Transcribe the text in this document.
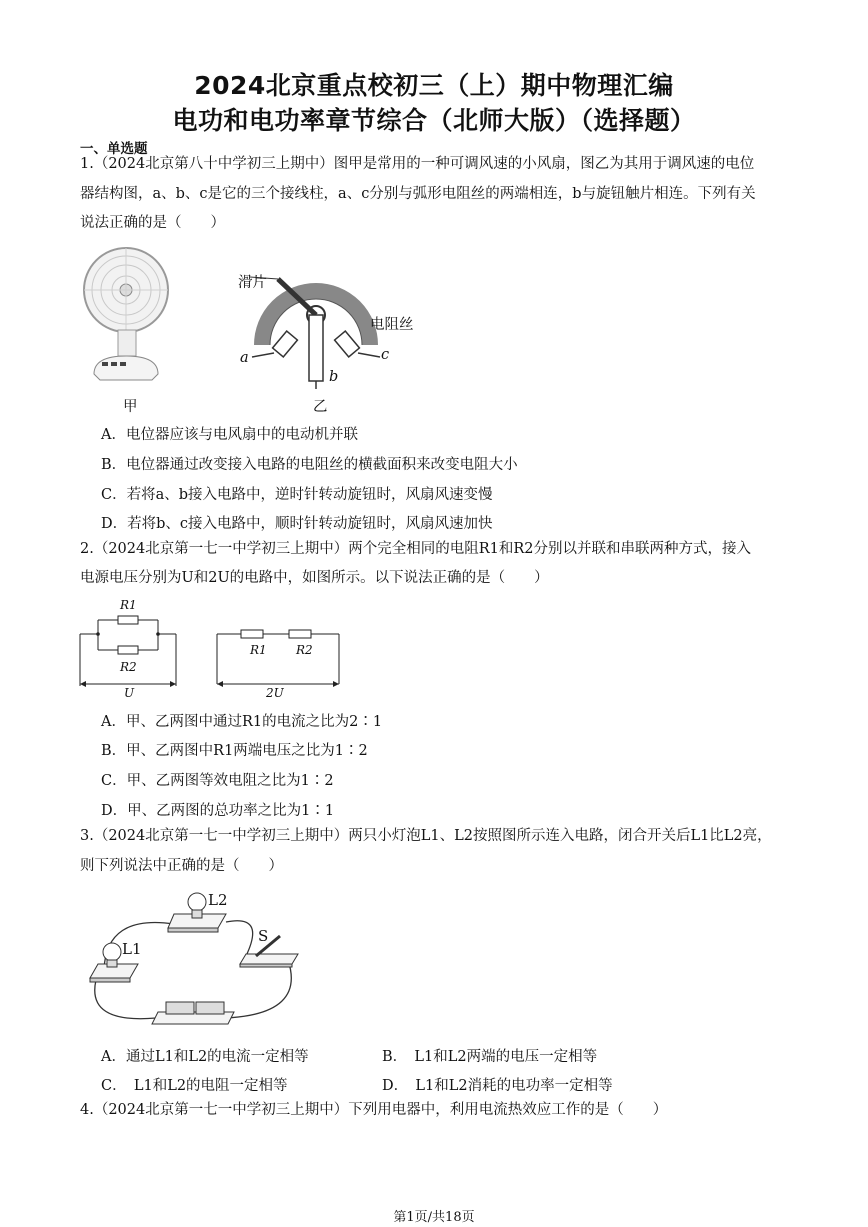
2024北京重点校初三（上）期中物理汇编
电功和电功率章节综合（北师大版）（选择题）
一、单选题
1.（2024北京第八十中学初三上期中）图甲是常用的一种可调风速的小风扇，图乙为其用于调风速的电位
器结构图，a、b、c是它的三个接线柱，a、c分别与弧形电阻丝的两端相连，b与旋钮触片相连。下列有关
说法正确的是（　　）
甲
滑片
电阻丝
a
b
c
乙
A．电位器应该与电风扇中的电动机并联
B．电位器通过改变接入电路的电阻丝的横截面积来改变电阻大小
C．若将a、b接入电路中，逆时针转动旋钮时，风扇风速变慢
D．若将b、c接入电路中，顺时针转动旋钮时，风扇风速加快
2.（2024北京第一七一中学初三上期中）两个完全相同的电阻R1和R2分别以并联和串联两种方式，接入
电源电压分别为U和2U的电路中，如图所示。以下说法正确的是（　　）
R1
R2
U
R1 R2
2U
A．甲、乙两图中通过R1的电流之比为2∶1
B．甲、乙两图中R1两端电压之比为1∶2
C．甲、乙两图等效电阻之比为1∶2
D．甲、乙两图的总功率之比为1∶1
3.（2024北京第一七一中学初三上期中）两只小灯泡L1、L2按照图所示连入电路，闭合开关后L1比L2亮，
则下列说法中正确的是（　　）
L2
L1
S
A．通过L1和L2的电流一定相等	B．　L1和L2两端的电压一定相等
C．　L1和L2的电阻一定相等	D．　L1和L2消耗的电功率一定相等
4.（2024北京第一七一中学初三上期中）下列用电器中，利用电流热效应工作的是（　　）
第1页/共18页
